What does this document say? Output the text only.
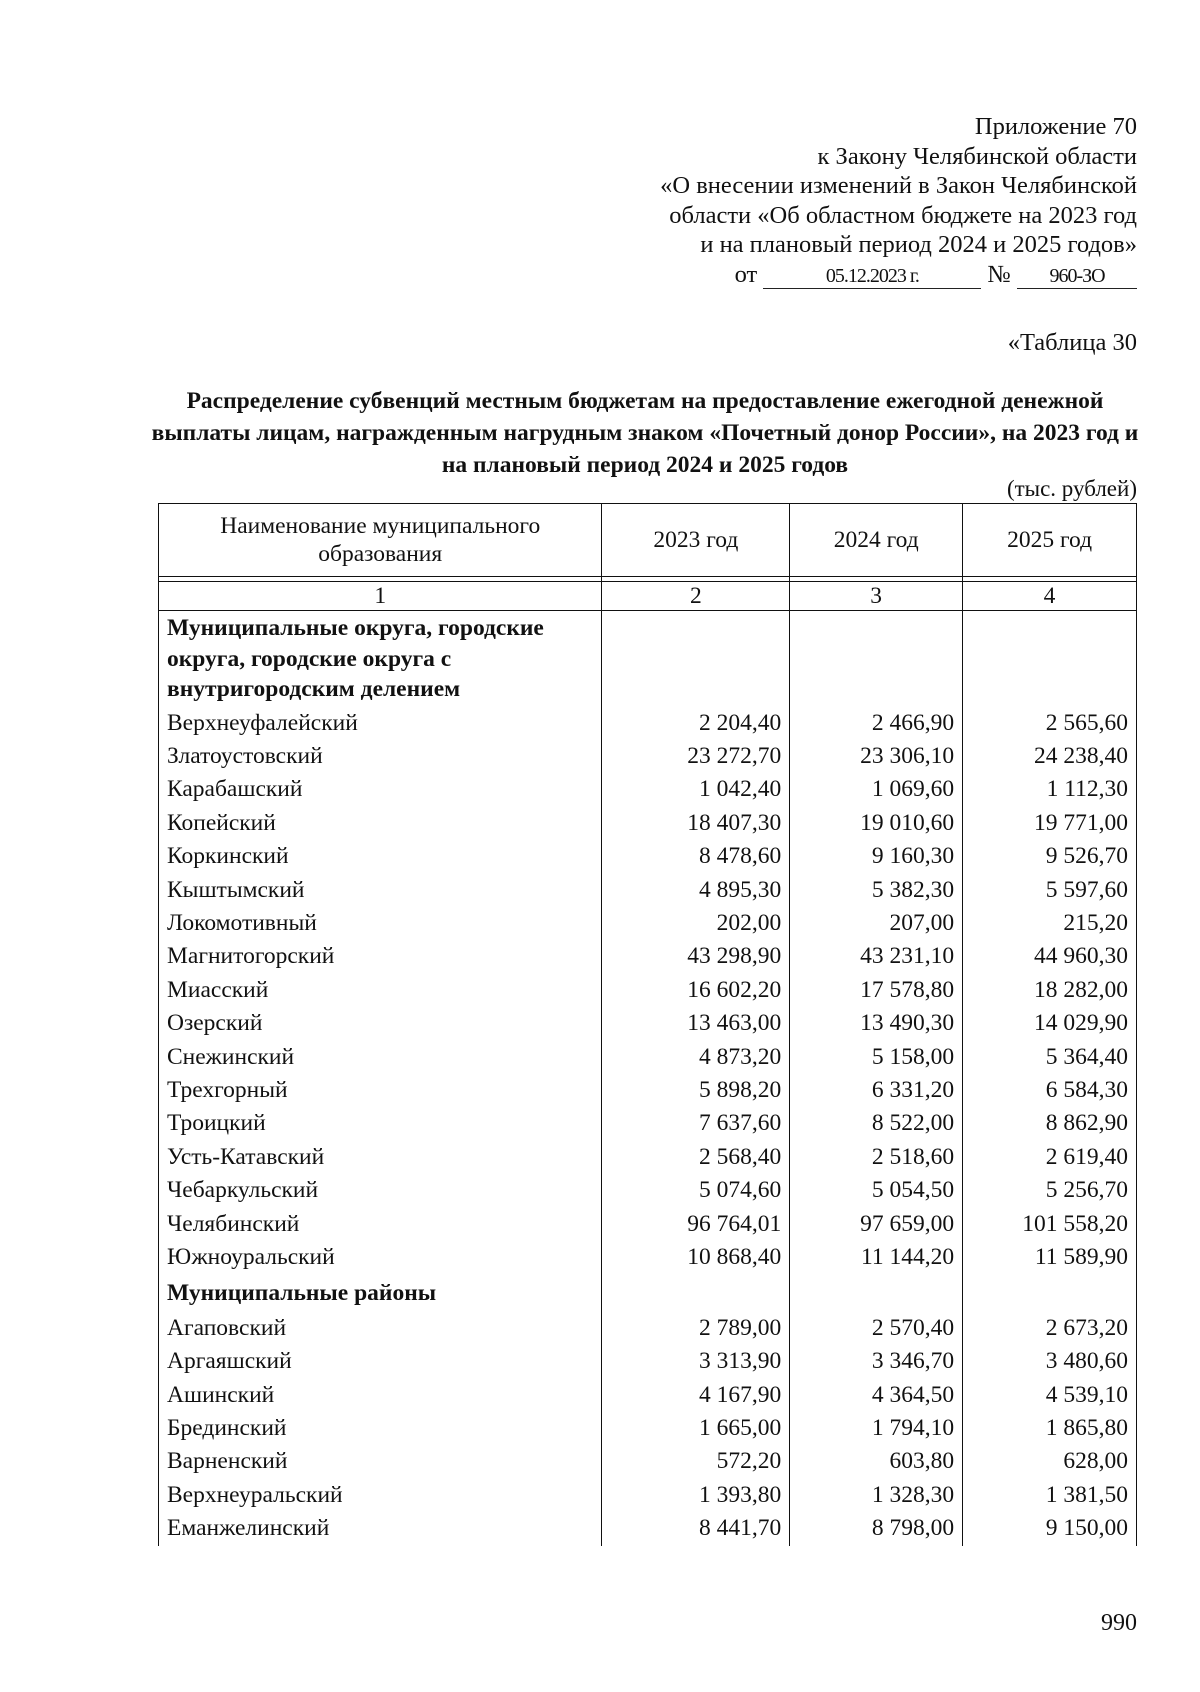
Приложение 70
к Закону Челябинской области
«О внесении изменений в Закон Челябинской
области «Об областном бюджете на 2023 год
и на плановый период 2024 и 2025 годов»
от	05.12.2023 г.	№ 960-ЗО
«Таблица 30
Распределение субвенций местным бюджетам на предоставление ежегодной денежной выплаты лицам, награжденным нагрудным знаком «Почетный донор России», на 2023 год и на плановый период 2024 и 2025 годов
(тыс. рублей)
Наименование муниципального образования	2023 год	2024 год	2025 год

1	2	3	4
Муниципальные округа, городские округа, городские округа с внутригородским делением			
Верхнеуфалейский	2 204,40	2 466,90	2 565,60
Златоустовский	23 272,70	23 306,10	24 238,40
Карабашский	1 042,40	1 069,60	1 112,30
Копейский	18 407,30	19 010,60	19 771,00
Коркинский	8 478,60	9 160,30	9 526,70
Кыштымский	4 895,30	5 382,30	5 597,60
Локомотивный	202,00	207,00	215,20
Магнитогорский	43 298,90	43 231,10	44 960,30
Миасский	16 602,20	17 578,80	18 282,00
Озерский	13 463,00	13 490,30	14 029,90
Снежинский	4 873,20	5 158,00	5 364,40
Трехгорный	5 898,20	6 331,20	6 584,30
Троицкий	7 637,60	8 522,00	8 862,90
Усть-Катавский	2 568,40	2 518,60	2 619,40
Чебаркульский	5 074,60	5 054,50	5 256,70
Челябинский	96 764,01	97 659,00	101 558,20
Южноуральский	10 868,40	11 144,20	11 589,90
Муниципальные районы			
Агаповский	2 789,00	2 570,40	2 673,20
Аргаяшский	3 313,90	3 346,70	3 480,60
Ашинский	4 167,90	4 364,50	4 539,10
Брединский	1 665,00	1 794,10	1 865,80
Варненский	572,20	603,80	628,00
Верхнеуральский	1 393,80	1 328,30	1 381,50
Еманжелинский	8 441,70	8 798,00	9 150,00
990
